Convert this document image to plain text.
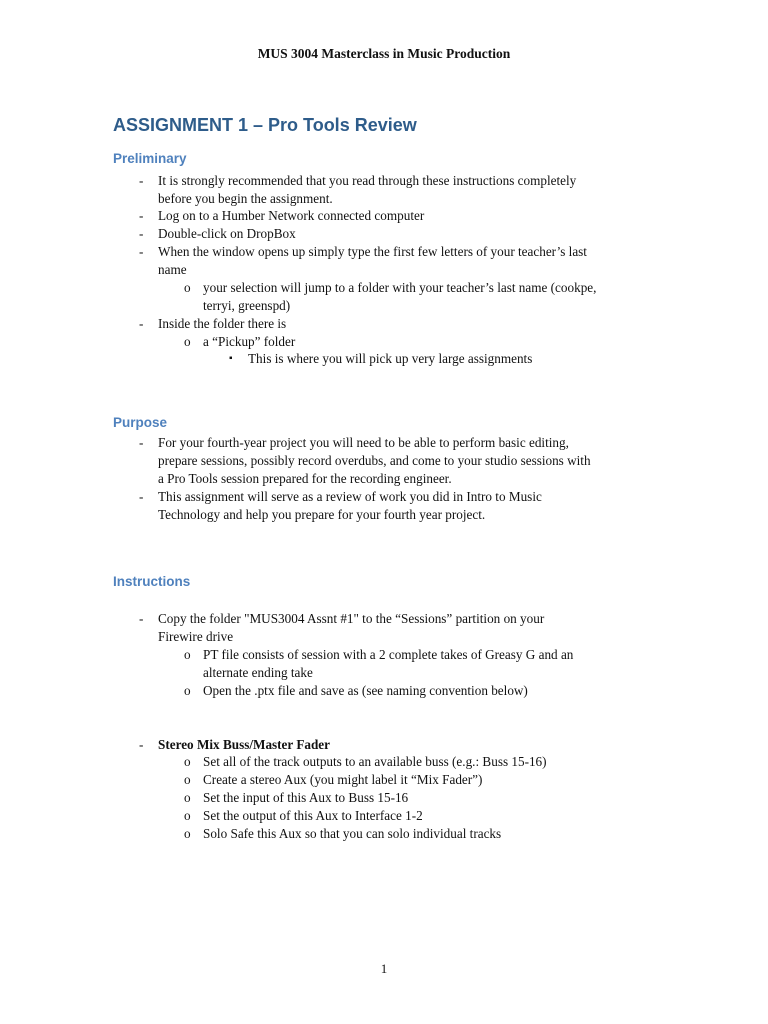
MUS 3004 Masterclass in Music Production
ASSIGNMENT 1 – Pro Tools Review
Preliminary
- It is strongly recommended that you read through these instructions completely
before you begin the assignment.
- Log on to a Humber Network connected computer
- Double-click on DropBox
- When the window opens up simply type the first few letters of your teacher’s last
name
o your selection will jump to a folder with your teacher’s last name (cookpe,
terryi, greenspd)
- Inside the folder there is
o a “Pickup” folder
▪ This is where you will pick up very large assignments
Purpose
- For your fourth-year project you will need to be able to perform basic editing,
prepare sessions, possibly record overdubs, and come to your studio sessions with
a Pro Tools session prepared for the recording engineer.
- This assignment will serve as a review of work you did in Intro to Music
Technology and help you prepare for your fourth year project.
Instructions
- Copy the folder "MUS3004 Assnt #1" to the “Sessions” partition on your
Firewire drive
o PT file consists of session with a 2 complete takes of Greasy G and an
alternate ending take
o Open the .ptx file and save as (see naming convention below)
- Stereo Mix Buss/Master Fader
o Set all of the track outputs to an available buss (e.g.: Buss 15-16)
o Create a stereo Aux (you might label it “Mix Fader”)
o Set the input of this Aux to Buss 15-16
o Set the output of this Aux to Interface 1-2
o Solo Safe this Aux so that you can solo individual tracks
1
